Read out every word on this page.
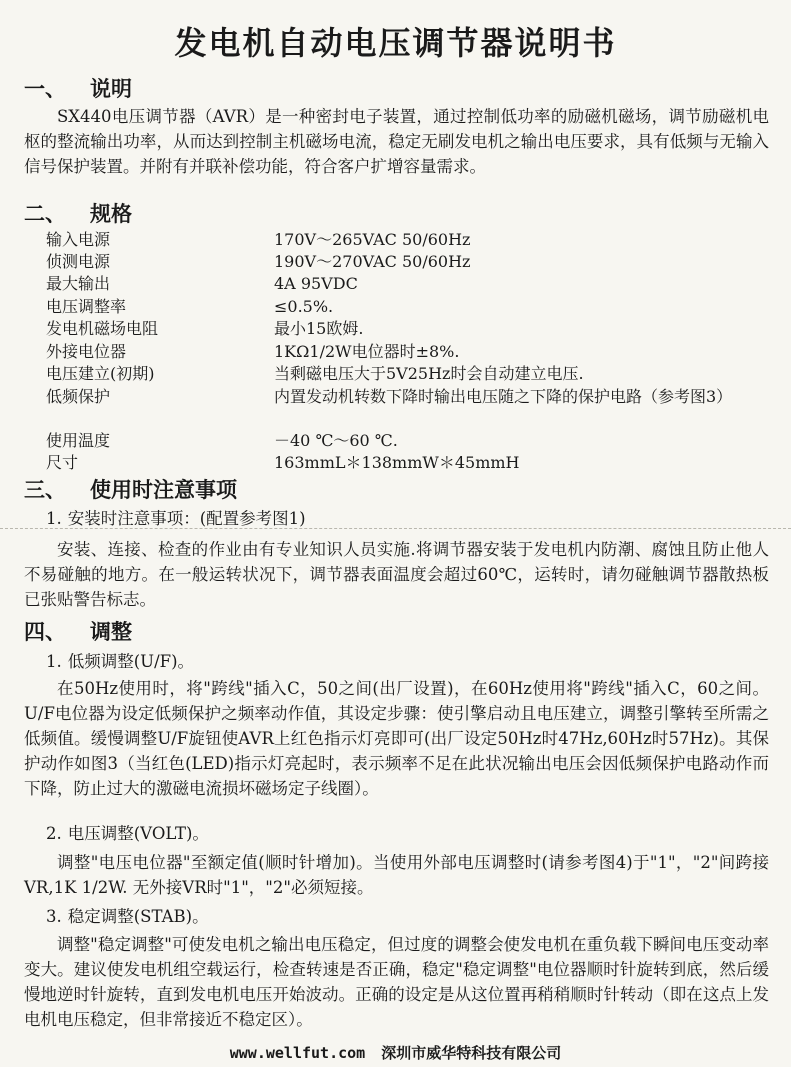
发电机自动电压调节器说明书
一、 说明
SX440电压调节器（AVR）是一种密封电子装置，通过控制低功率的励磁机磁场，调节励磁机电枢的整流输出功率，从而达到控制主机磁场电流，稳定无刷发电机之输出电压要求，具有低频与无输入信号保护装置。并附有并联补偿功能，符合客户扩增容量需求。
二、 规格
输入电源	170V～265VAC 50/60Hz
侦测电源	190V～270VAC 50/60Hz
最大输出	4A 95VDC
电压调整率	≤0.5%.
发电机磁场电阻	最小15欧姆.
外接电位器	1KΩ1/2W电位器时±8%.
电压建立(初期)	当剩磁电压大于5V25Hz时会自动建立电压.
低频保护	内置发动机转数下降时输出电压随之下降的保护电路（参考图3）
使用温度	－40 ℃～60 ℃.
尺寸	163mmL＊138mmW＊45mmH
三、 使用时注意事项
1. 安装时注意事项：(配置参考图1)
安装、连接、检查的作业由有专业知识人员实施.将调节器安装于发电机内防潮、腐蚀且防止他人不易碰触的地方。在一般运转状况下，调节器表面温度会超过60℃，运转时，请勿碰触调节器散热板已张贴警告标志。
四、 调整
1. 低频调整(U/F)。
在50Hz使用时，将"跨线"插入C，50之间(出厂设置)，在60Hz使用将"跨线"插入C，60之间。U/F电位器为设定低频保护之频率动作值，其设定步骤：使引擎启动且电压建立，调整引擎转至所需之低频值。缓慢调整U/F旋钮使AVR上红色指示灯亮即可(出厂设定50Hz时47Hz,60Hz时57Hz)。其保护动作如图3（当红色(LED)指示灯亮起时，表示频率不足在此状况输出电压会因低频保护电路动作而下降，防止过大的激磁电流损坏磁场定子线圈）。
2. 电压调整(VOLT)。
调整"电压电位器"至额定值(顺时针增加)。当使用外部电压调整时(请参考图4)于"1"，"2"间跨接VR,1K 1/2W. 无外接VR时"1"，"2"必须短接。
3. 稳定调整(STAB)。
调整"稳定调整"可使发电机之输出电压稳定，但过度的调整会使发电机在重负载下瞬间电压变动率变大。建议使发电机组空载运行，检查转速是否正确，稳定"稳定调整"电位器顺时针旋转到底，然后缓慢地逆时针旋转，直到发电机电压开始波动。正确的设定是从这位置再稍稍顺时针转动（即在这点上发电机电压稳定，但非常接近不稳定区）。
www.wellfut.com 深圳市威华特科技有限公司
